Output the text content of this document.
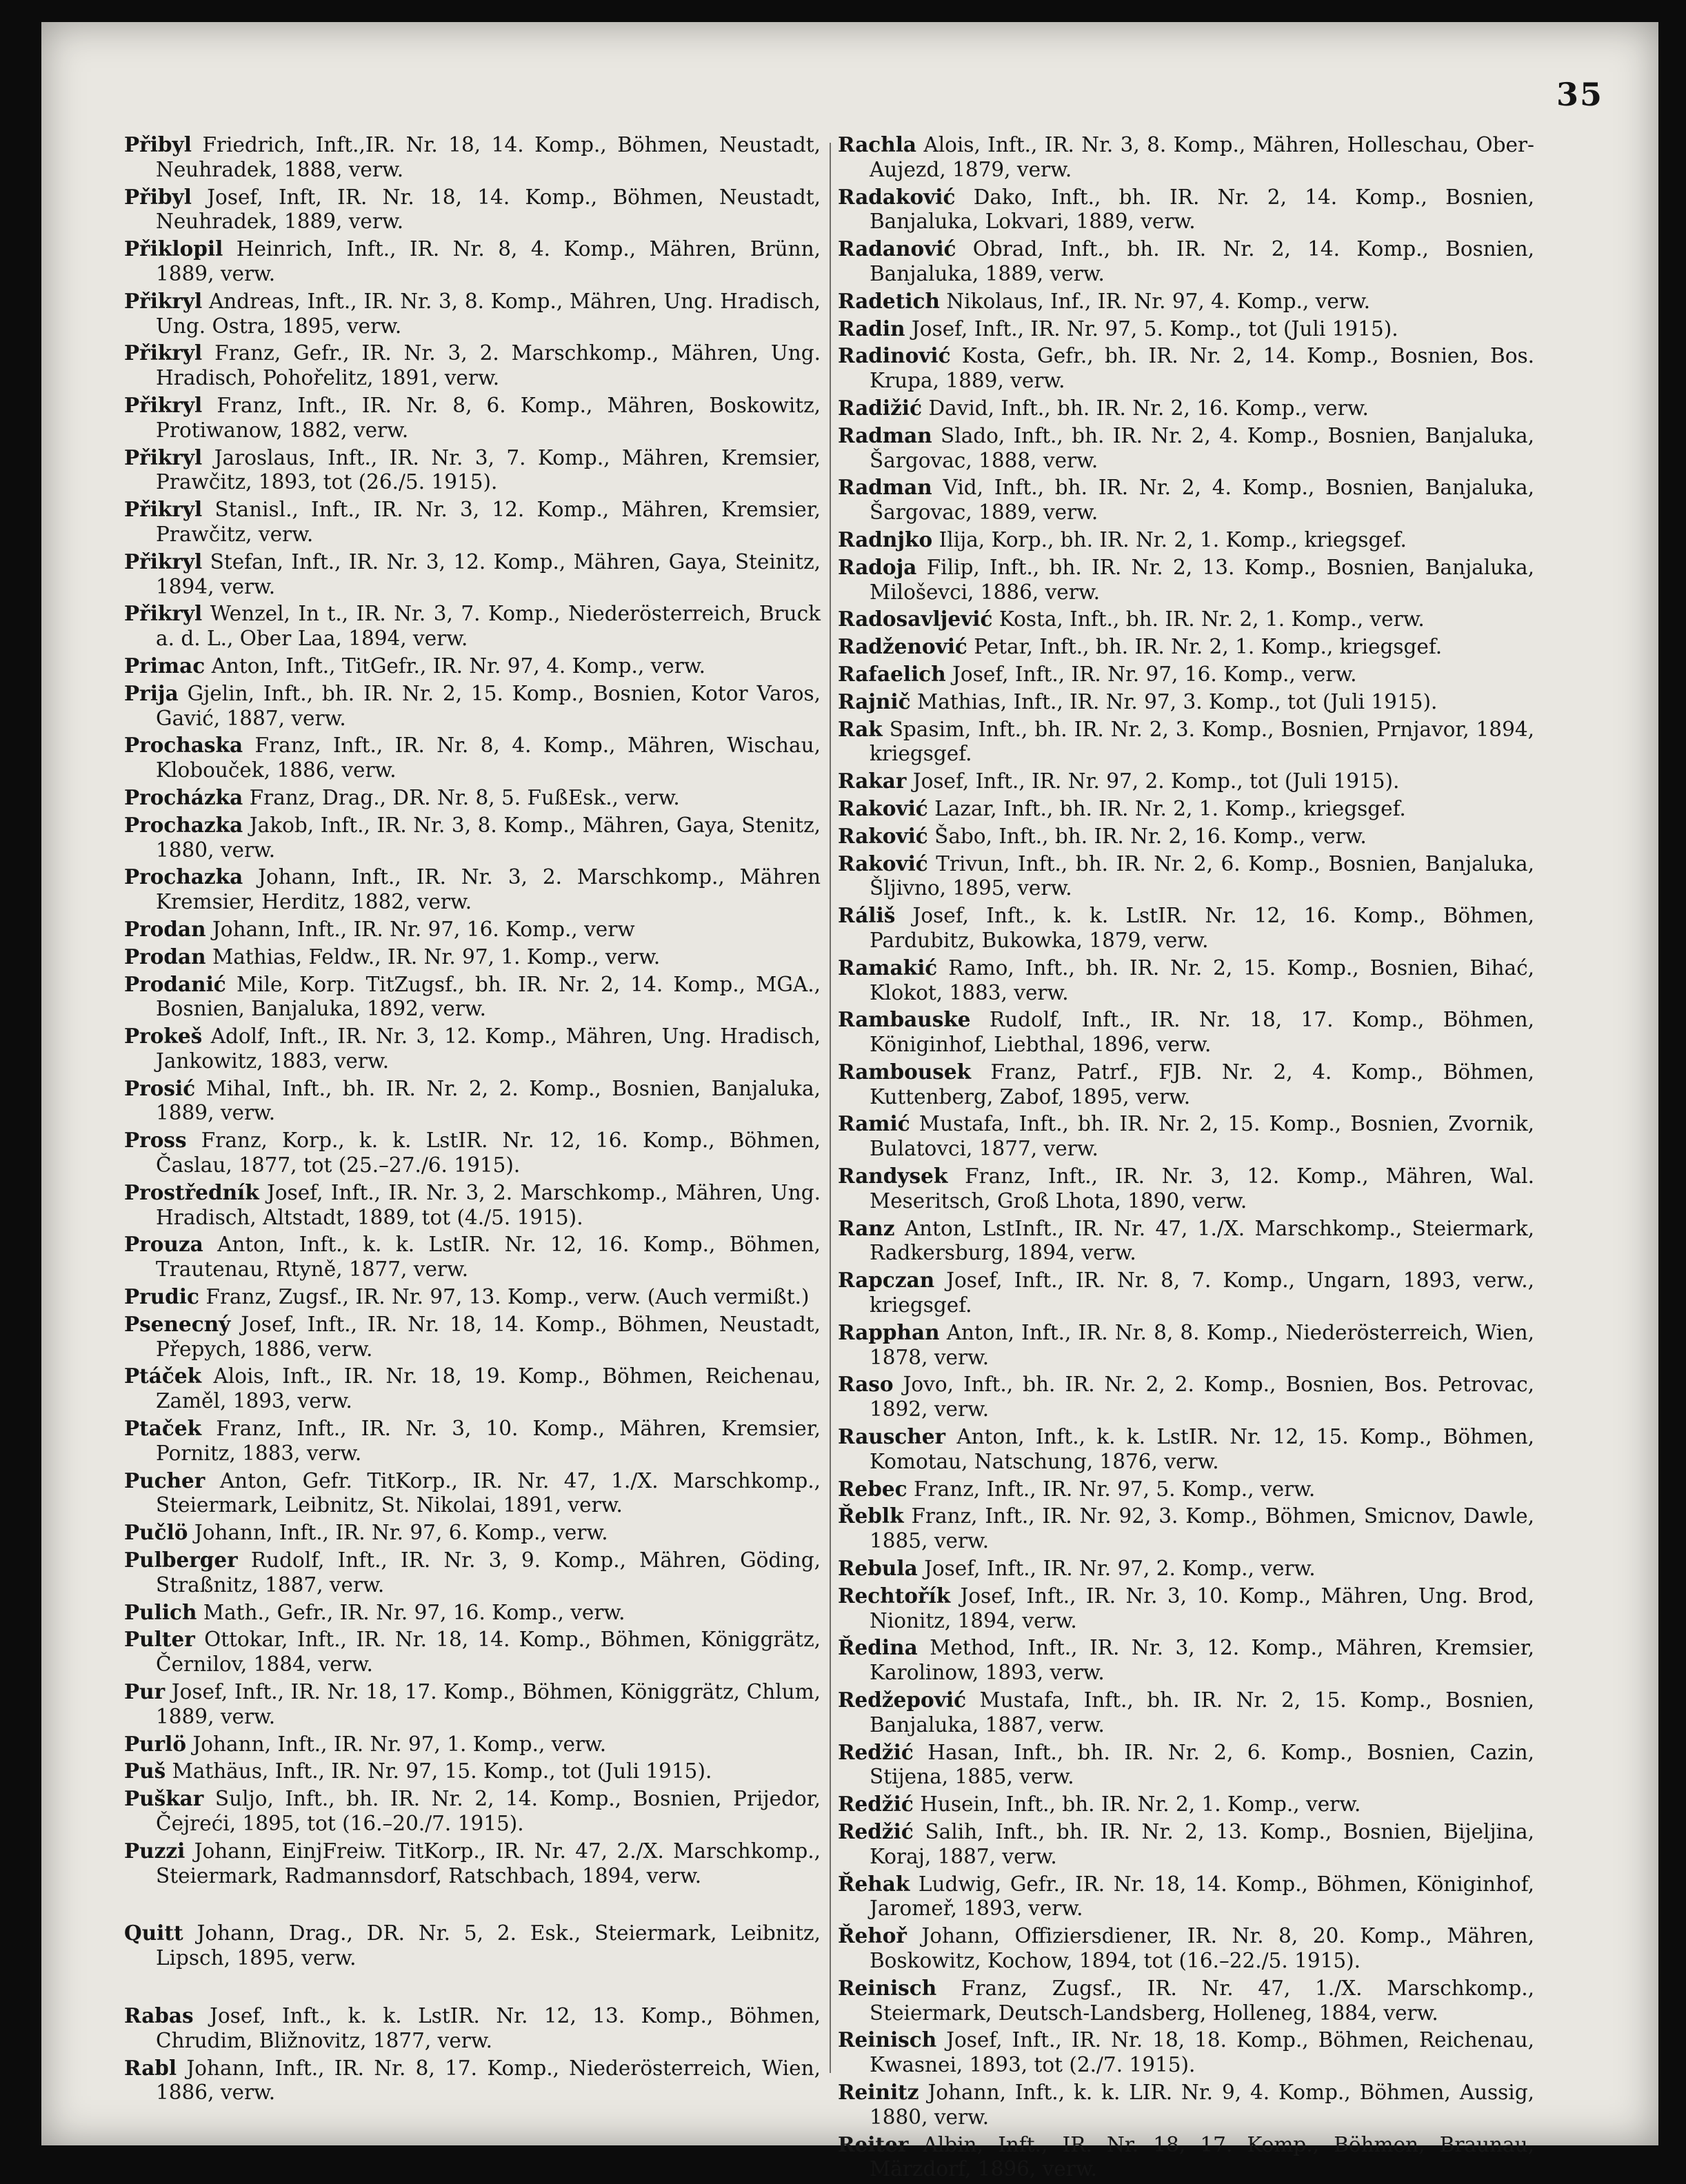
35

Přibyl Friedrich, Inft.,IR. Nr. 18, 14. Komp., Böhmen, Neustadt, Neuhradek, 1888, verw.

Přibyl Josef, Inft, IR. Nr. 18, 14. Komp., Böhmen, Neustadt, Neuhradek, 1889, verw.

Přiklopil Heinrich, Inft., IR. Nr. 8, 4. Komp., Mähren, Brünn, 1889, verw.

Přikryl Andreas, Inft., IR. Nr. 3, 8. Komp., Mähren, Ung. Hradisch, Ung. Ostra, 1895, verw.

Přikryl Franz, Gefr., IR. Nr. 3, 2. Marschkomp., Mähren, Ung. Hradisch, Pohořelitz, 1891, verw.

Přikryl Franz, Inft., IR. Nr. 8, 6. Komp., Mähren, Boskowitz, Protiwanow, 1882, verw.

Přikryl Jaroslaus, Inft., IR. Nr. 3, 7. Komp., Mähren, Kremsier, Prawčitz, 1893, tot (26./5. 1915).

Přikryl Stanisl., Inft., IR. Nr. 3, 12. Komp., Mähren, Kremsier, Prawčitz, verw.

Přikryl Stefan, Inft., IR. Nr. 3, 12. Komp., Mähren, Gaya, Steinitz, 1894, verw.

Přikryl Wenzel, In t., IR. Nr. 3, 7. Komp., Niederösterreich, Bruck a. d. L., Ober Laa, 1894, verw.

Primac Anton, Inft., TitGefr., IR. Nr. 97, 4. Komp., verw.

Prija Gjelin, Inft., bh. IR. Nr. 2, 15. Komp., Bosnien, Kotor Varos, Gavić, 1887, verw.

Prochaska Franz, Inft., IR. Nr. 8, 4. Komp., Mähren, Wischau, Klobouček, 1886, verw.

Procházka Franz, Drag., DR. Nr. 8, 5. FußEsk., verw.

Prochazka Jakob, Inft., IR. Nr. 3, 8. Komp., Mähren, Gaya, Stenitz, 1880, verw.

Prochazka Johann, Inft., IR. Nr. 3, 2. Marschkomp., Mähren Kremsier, Herditz, 1882, verw.

Prodan Johann, Inft., IR. Nr. 97, 16. Komp., verw

Prodan Mathias, Feldw., IR. Nr. 97, 1. Komp., verw.

Prodanić Mile, Korp. TitZugsf., bh. IR. Nr. 2, 14. Komp., MGA., Bosnien, Banjaluka, 1892, verw.

Prokeš Adolf, Inft., IR. Nr. 3, 12. Komp., Mähren, Ung. Hradisch, Jankowitz, 1883, verw.

Prosić Mihal, Inft., bh. IR. Nr. 2, 2. Komp., Bosnien, Banjaluka, 1889, verw.

Pross Franz, Korp., k. k. LstIR. Nr. 12, 16. Komp., Böhmen, Časlau, 1877, tot (25.–27./6. 1915).

Prostředník Josef, Inft., IR. Nr. 3, 2. Marschkomp., Mähren, Ung. Hradisch, Altstadt, 1889, tot (4./5. 1915).

Prouza Anton, Inft., k. k. LstIR. Nr. 12, 16. Komp., Böhmen, Trautenau, Rtyně, 1877, verw.

Prudic Franz, Zugsf., IR. Nr. 97, 13. Komp., verw. (Auch vermißt.)

Psenecný Josef, Inft., IR. Nr. 18, 14. Komp., Böhmen, Neustadt, Přepych, 1886, verw.

Ptáček Alois, Inft., IR. Nr. 18, 19. Komp., Böhmen, Reichenau, Zaměl, 1893, verw.

Ptaček Franz, Inft., IR. Nr. 3, 10. Komp., Mähren, Kremsier, Pornitz, 1883, verw.

Pucher Anton, Gefr. TitKorp., IR. Nr. 47, 1./X. Marschkomp., Steiermark, Leibnitz, St. Nikolai, 1891, verw.

Pučlö Johann, Inft., IR. Nr. 97, 6. Komp., verw.

Pulberger Rudolf, Inft., IR. Nr. 3, 9. Komp., Mähren, Göding, Straßnitz, 1887, verw.

Pulich Math., Gefr., IR. Nr. 97, 16. Komp., verw.

Pulter Ottokar, Inft., IR. Nr. 18, 14. Komp., Böhmen, Königgrätz, Černilov, 1884, verw.

Pur Josef, Inft., IR. Nr. 18, 17. Komp., Böhmen, Königgrätz, Chlum, 1889, verw.

Purlö Johann, Inft., IR. Nr. 97, 1. Komp., verw.

Puš Mathäus, Inft., IR. Nr. 97, 15. Komp., tot (Juli 1915).

Puškar Suljo, Inft., bh. IR. Nr. 2, 14. Komp., Bosnien, Prijedor, Čejreći, 1895, tot (16.–20./7. 1915).

Puzzi Johann, EinjFreiw. TitKorp., IR. Nr. 47, 2./X. Marschkomp., Steiermark, Radmannsdorf, Ratschbach, 1894, verw.

Quitt Johann, Drag., DR. Nr. 5, 2. Esk., Steiermark, Leibnitz, Lipsch, 1895, verw.

Rabas Josef, Inft., k. k. LstIR. Nr. 12, 13. Komp., Böhmen, Chrudim, Bližnovitz, 1877, verw.

Rabl Johann, Inft., IR. Nr. 8, 17. Komp., Niederösterreich, Wien, 1886, verw.

Rachla Alois, Inft., IR. Nr. 3, 8. Komp., Mähren, Holleschau, Ober-Aujezd, 1879, verw.

Radaković Dako, Inft., bh. IR. Nr. 2, 14. Komp., Bosnien, Banjaluka, Lokvari, 1889, verw.

Radanović Obrad, Inft., bh. IR. Nr. 2, 14. Komp., Bosnien, Banjaluka, 1889, verw.

Radetich Nikolaus, Inf., IR. Nr. 97, 4. Komp., verw.

Radin Josef, Inft., IR. Nr. 97, 5. Komp., tot (Juli 1915).

Radinović Kosta, Gefr., bh. IR. Nr. 2, 14. Komp., Bosnien, Bos. Krupa, 1889, verw.

Radižić David, Inft., bh. IR. Nr. 2, 16. Komp., verw.

Radman Slado, Inft., bh. IR. Nr. 2, 4. Komp., Bosnien, Banjaluka, Šargovac, 1888, verw.

Radman Vid, Inft., bh. IR. Nr. 2, 4. Komp., Bosnien, Banjaluka, Šargovac, 1889, verw.

Radnjko Ilija, Korp., bh. IR. Nr. 2, 1. Komp., kriegsgef.

Radoja Filip, Inft., bh. IR. Nr. 2, 13. Komp., Bosnien, Banjaluka, Miloševci, 1886, verw.

Radosavljević Kosta, Inft., bh. IR. Nr. 2, 1. Komp., verw.

Radženović Petar, Inft., bh. IR. Nr. 2, 1. Komp., kriegsgef.

Rafaelich Josef, Inft., IR. Nr. 97, 16. Komp., verw.

Rajnič Mathias, Inft., IR. Nr. 97, 3. Komp., tot (Juli 1915).

Rak Spasim, Inft., bh. IR. Nr. 2, 3. Komp., Bosnien, Prnjavor, 1894, kriegsgef.

Rakar Josef, Inft., IR. Nr. 97, 2. Komp., tot (Juli 1915).

Raković Lazar, Inft., bh. IR. Nr. 2, 1. Komp., kriegsgef.

Raković Šabo, Inft., bh. IR. Nr. 2, 16. Komp., verw.

Raković Trivun, Inft., bh. IR. Nr. 2, 6. Komp., Bosnien, Banjaluka, Šljivno, 1895, verw.

Ráliš Josef, Inft., k. k. LstIR. Nr. 12, 16. Komp., Böhmen, Pardubitz, Bukowka, 1879, verw.

Ramakić Ramo, Inft., bh. IR. Nr. 2, 15. Komp., Bosnien, Bihać, Klokot, 1883, verw.

Rambauske Rudolf, Inft., IR. Nr. 18, 17. Komp., Böhmen, Königinhof, Liebthal, 1896, verw.

Rambousek Franz, Patrf., FJB. Nr. 2, 4. Komp., Böhmen, Kuttenberg, Zabof, 1895, verw.

Ramić Mustafa, Inft., bh. IR. Nr. 2, 15. Komp., Bosnien, Zvornik, Bulatovci, 1877, verw.

Randysek Franz, Inft., IR. Nr. 3, 12. Komp., Mähren, Wal. Meseritsch, Groß Lhota, 1890, verw.

Ranz Anton, LstInft., IR. Nr. 47, 1./X. Marschkomp., Steiermark, Radkersburg, 1894, verw.

Rapczan Josef, Inft., IR. Nr. 8, 7. Komp., Ungarn, 1893, verw., kriegsgef.

Rapphan Anton, Inft., IR. Nr. 8, 8. Komp., Niederösterreich, Wien, 1878, verw.

Raso Jovo, Inft., bh. IR. Nr. 2, 2. Komp., Bosnien, Bos. Petrovac, 1892, verw.

Rauscher Anton, Inft., k. k. LstIR. Nr. 12, 15. Komp., Böhmen, Komotau, Natschung, 1876, verw.

Rebec Franz, Inft., IR. Nr. 97, 5. Komp., verw.

Řeblk Franz, Inft., IR. Nr. 92, 3. Komp., Böhmen, Smicnov, Dawle, 1885, verw.

Rebula Josef, Inft., IR. Nr. 97, 2. Komp., verw.

Rechtořík Josef, Inft., IR. Nr. 3, 10. Komp., Mähren, Ung. Brod, Nionitz, 1894, verw.

Ředina Method, Inft., IR. Nr. 3, 12. Komp., Mähren, Kremsier, Karolinow, 1893, verw.

Redžepović Mustafa, Inft., bh. IR. Nr. 2, 15. Komp., Bosnien, Banjaluka, 1887, verw.

Redžić Hasan, Inft., bh. IR. Nr. 2, 6. Komp., Bosnien, Cazin, Stijena, 1885, verw.

Redžić Husein, Inft., bh. IR. Nr. 2, 1. Komp., verw.

Redžić Salih, Inft., bh. IR. Nr. 2, 13. Komp., Bosnien, Bijeljina, Koraj, 1887, verw.

Řehak Ludwig, Gefr., IR. Nr. 18, 14. Komp., Böhmen, Königinhof, Jaromeř, 1893, verw.

Řehoř Johann, Offiziersdiener, IR. Nr. 8, 20. Komp., Mähren, Boskowitz, Kochow, 1894, tot (16.–22./5. 1915).

Reinisch Franz, Zugsf., IR. Nr. 47, 1./X. Marschkomp., Steiermark, Deutsch-Landsberg, Holleneg, 1884, verw.

Reinisch Josef, Inft., IR. Nr. 18, 18. Komp., Böhmen, Reichenau, Kwasnei, 1893, tot (2./7. 1915).

Reinitz Johann, Inft., k. k. LIR. Nr. 9, 4. Komp., Böhmen, Aussig, 1880, verw.

Reiter Albin, Inft., IR. Nr. 18, 17. Komp., Böhmen, Braunau, Märzdorf, 1896, verw.
